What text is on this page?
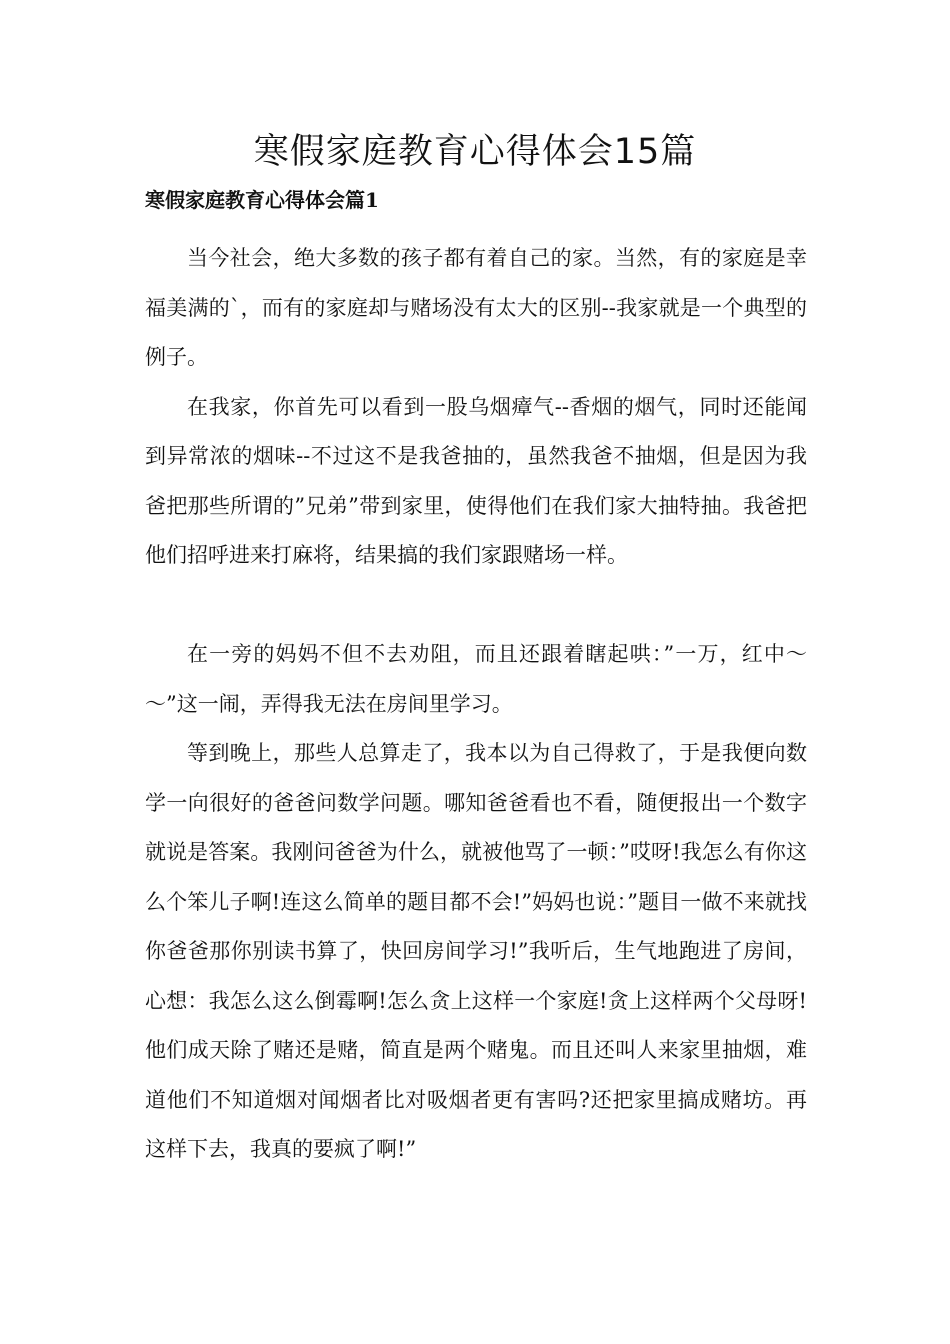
寒假家庭教育心得体会15篇
寒假家庭教育心得体会篇1

当今社会，绝大多数的孩子都有着自己的家。当然，有的家庭是幸福美满的`，而有的家庭却与赌场没有太大的区别--我家就是一个典型的例子。

在我家，你首先可以看到一股乌烟瘴气--香烟的烟气，同时还能闻到异常浓的烟味--不过这不是我爸抽的，虽然我爸不抽烟，但是因为我爸把那些所谓的”兄弟”带到家里，使得他们在我们家大抽特抽。我爸把他们招呼进来打麻将，结果搞的我们家跟赌场一样。

在一旁的妈妈不但不去劝阻，而且还跟着瞎起哄：”一万，红中～～”这一闹，弄得我无法在房间里学习。

等到晚上，那些人总算走了，我本以为自己得救了，于是我便向数学一向很好的爸爸问数学问题。哪知爸爸看也不看，随便报出一个数字就说是答案。我刚问爸爸为什么，就被他骂了一顿：”哎呀!我怎么有你这么个笨儿子啊!连这么简单的题目都不会!”妈妈也说：”题目一做不来就找你爸爸那你别读书算了，快回房间学习!”我听后，生气地跑进了房间，心想：我怎么这么倒霉啊!怎么贪上这样一个家庭!贪上这样两个父母呀!他们成天除了赌还是赌，简直是两个赌鬼。而且还叫人来家里抽烟，难道他们不知道烟对闻烟者比对吸烟者更有害吗?还把家里搞成赌坊。再这样下去，我真的要疯了啊!”
